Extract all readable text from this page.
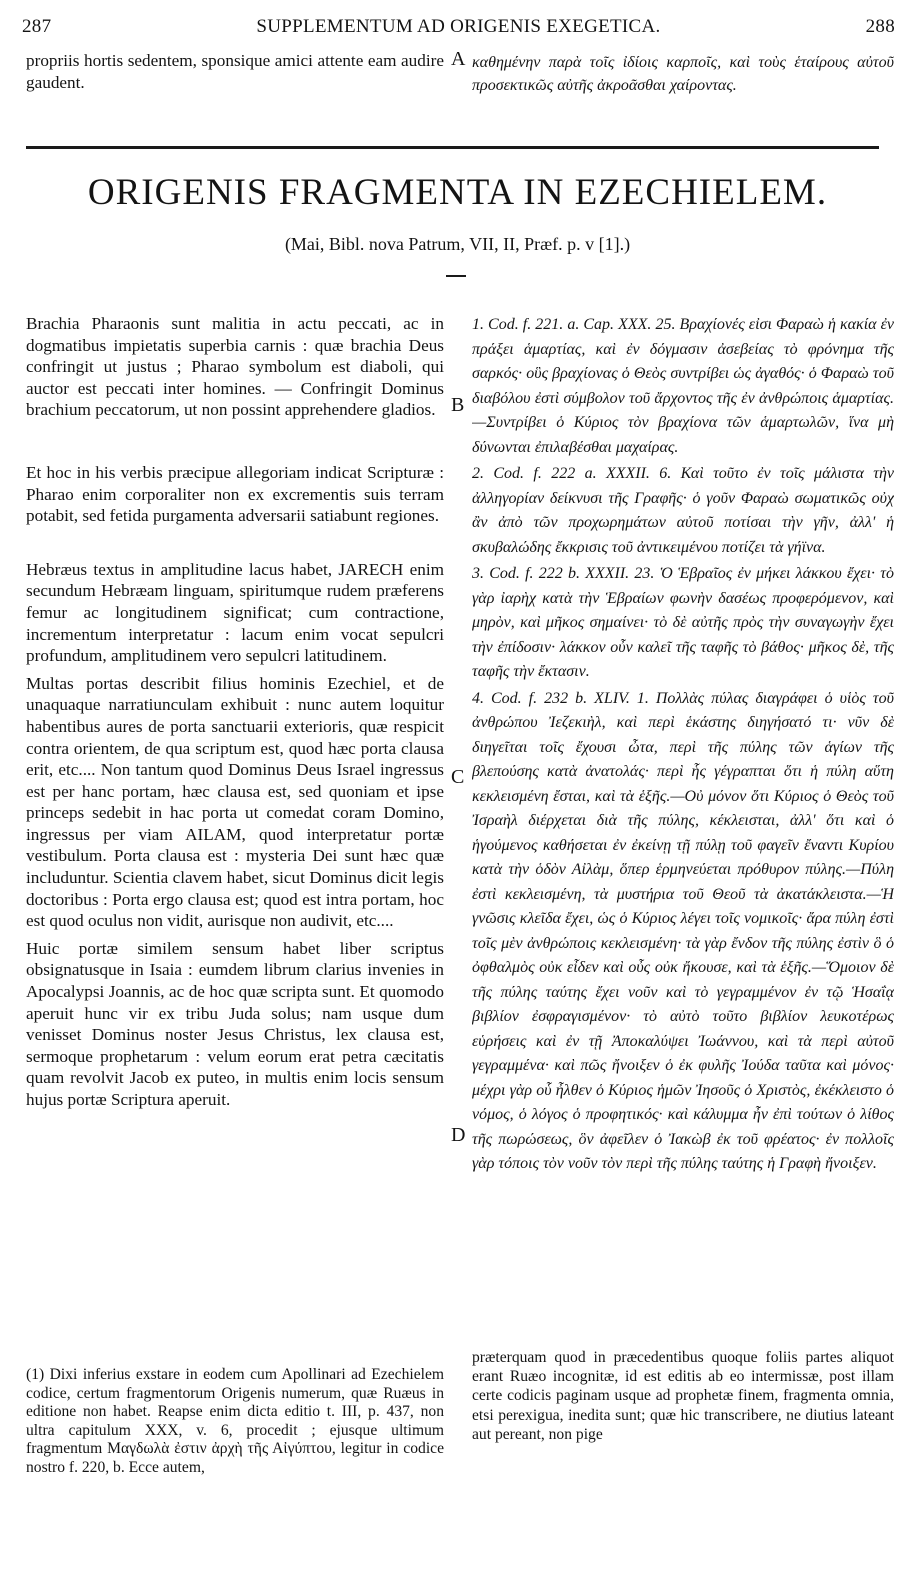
287	SUPPLEMENTUM AD ORIGENIS EXEGETICA.	288

propriis hortis sedentem, sponsique amici attente eam audire gaudent.

καθημένην παρὰ τοῖς ἰδίοις καρποῖς, καὶ τοὺς ἑταίρους αὐτοῦ προσεκτικῶς αὐτῆς ἀκροᾶσθαι χαίροντας.

ORIGENIS FRAGMENTA IN EZECHIELEM.
(Mai, Bibl. nova Patrum, VII, II, Præf. p. v [1].)
A
B
C
D

Brachia Pharaonis sunt malitia in actu peccati, ac in dogmatibus impietatis superbia carnis : quæ brachia Deus confringit ut justus ; Pharao symbolum est diaboli, qui auctor est peccati inter homines. — Confringit Dominus brachium peccatorum, ut non possint apprehendere gladios.

Et hoc in his verbis præcipue allegoriam indicat Scripturæ : Pharao enim corporaliter non ex excrementis suis terram potabit, sed fetida purgamenta adversarii satiabunt regiones.

Hebræus textus in amplitudine lacus habet, JARECH enim secundum Hebræam linguam, spiritumque rudem præferens femur ac longitudinem significat; cum contractione, incrementum interpretatur : lacum enim vocat sepulcri profundum, amplitudinem vero sepulcri latitudinem.

Multas portas describit filius hominis Ezechiel, et de unaquaque narratiunculam exhibuit : nunc autem loquitur habentibus aures de porta sanctuarii exterioris, quæ respicit contra orientem, de qua scriptum est, quod hæc porta clausa erit, etc.... Non tantum quod Dominus Deus Israel ingressus est per hanc portam, hæc clausa est, sed quoniam et ipse princeps sedebit in hac porta ut comedat coram Domino, ingressus per viam AILAM, quod interpretatur portæ vestibulum. Porta clausa est : mysteria Dei sunt hæc quæ includuntur. Scientia clavem habet, sicut Dominus dicit legis doctoribus : Porta ergo clausa est; quod est intra portam, hoc est quod oculus non vidit, aurisque non audivit, etc....

Huic portæ similem sensum habet liber scriptus obsignatusque in Isaia : eumdem librum clarius invenies in Apocalypsi Joannis, ac de hoc quæ scripta sunt. Et quomodo aperuit hunc vir ex tribu Juda solus; nam usque dum venisset Dominus noster Jesus Christus, lex clausa est, sermoque prophetarum : velum eorum erat petra cæcitatis quam revolvit Jacob ex puteo, in multis enim locis sensum hujus portæ Scriptura aperuit.

(1) Dixi inferius exstare in eodem cum Apollinari ad Ezechielem codice, certum fragmentorum Origenis numerum, quæ Ruæus in editione non habet. Reapse enim dicta editio t. III, p. 437, non ultra capitulum XXX, v. 6, procedit ; ejusque ultimum fragmentum Μαγδωλὰ ἐστιν ἀρχὴ τῆς Αἰγύπτου, legitur in codice nostro f. 220, b. Ecce autem,

1. Cod. f. 221. a. Cap. XXX. 25. Βραχίονές εἰσι Φαραὼ ἡ κακία ἐν πράξει ἁμαρτίας, καὶ ἐν δόγμασιν ἀσεβείας τὸ φρόνημα τῆς σαρκός· οὓς βραχίονας ὁ Θεὸς συντρίβει ὡς ἀγαθός· ὁ Φαραὼ τοῦ διαβόλου ἐστὶ σύμβολον τοῦ ἄρχοντος τῆς ἐν ἀνθρώποις ἁμαρτίας.—Συντρίβει ὁ Κύριος τὸν βραχίονα τῶν ἁμαρτωλῶν, ἵνα μὴ δύνωνται ἐπιλαβέσθαι μαχαίρας.

2. Cod. f. 222 a. XXXII. 6. Καὶ τοῦτο ἐν τοῖς μάλιστα τὴν ἀλληγορίαν δείκνυσι τῆς Γραφῆς· ὁ γοῦν Φαραὼ σωματικῶς οὐχ ἂν ἀπὸ τῶν προχωρημάτων αὐτοῦ ποτίσαι τὴν γῆν, ἀλλ' ἡ σκυβαλώδης ἔκκρισις τοῦ ἀντικειμένου ποτίζει τὰ γήϊνα.

3. Cod. f. 222 b. XXXII. 23. Ὁ Ἑβραῖος ἐν μήκει λάκκου ἔχει· τὸ γὰρ ἰαρὴχ κατὰ τὴν Ἑβραίων φωνὴν δασέως προφερόμενον, καὶ μηρὸν, καὶ μῆκος σημαίνει· τὸ δὲ αὐτῆς πρὸς τὴν συναγωγὴν ἔχει τὴν ἐπίδοσιν· λάκκον οὖν καλεῖ τῆς ταφῆς τὸ βάθος· μῆκος δὲ, τῆς ταφῆς τὴν ἔκτασιν.

4. Cod. f. 232 b. XLIV. 1. Πολλὰς πύλας διαγράφει ὁ υἱὸς τοῦ ἀνθρώπου Ἰεζεκιὴλ, καὶ περὶ ἑκάστης διηγήσατό τι· νῦν δὲ διηγεῖται τοῖς ἔχουσι ὦτα, περὶ τῆς πύλης τῶν ἁγίων τῆς βλεπούσης κατὰ ἀνατολάς· περὶ ἧς γέγραπται ὅτι ἡ πύλη αὕτη κεκλεισμένη ἔσται, καὶ τὰ ἑξῆς.—Οὐ μόνον ὅτι Κύριος ὁ Θεὸς τοῦ Ἰσραὴλ διέρχεται διὰ τῆς πύλης, κέκλεισται, ἀλλ' ὅτι καὶ ὁ ἡγούμενος καθήσεται ἐν ἐκείνῃ τῇ πύλῃ τοῦ φαγεῖν ἔναντι Κυρίου κατὰ τὴν ὁδὸν Αἰλὰμ, ὅπερ ἑρμηνεύεται πρόθυρον πύλης.—Πύλη ἐστὶ κεκλεισμένη, τὰ μυστήρια τοῦ Θεοῦ τὰ ἀκατάκλειστα.—Ἡ γνῶσις κλεῖδα ἔχει, ὡς ὁ Κύριος λέγει τοῖς νομικοῖς· ἄρα πύλη ἐστὶ τοῖς μὲν ἀνθρώποις κεκλεισμένη· τὰ γὰρ ἔνδον τῆς πύλης ἐστὶν ὃ ὁ ὀφθαλμὸς οὐκ εἶδεν καὶ οὖς οὐκ ἤκουσε, καὶ τὰ ἑξῆς.—Ὅμοιον δὲ τῆς πύλης ταύτης ἔχει νοῦν καὶ τὸ γεγραμμένον ἐν τῷ Ἡσαΐᾳ βιβλίον ἐσφραγισμένον· τὸ αὐτὸ τοῦτο βιβλίον λευκοτέρως εὑρήσεις καὶ ἐν τῇ Ἀποκαλύψει Ἰωάννου, καὶ τὰ περὶ αὐτοῦ γεγραμμένα· καὶ πῶς ἤνοιξεν ὁ ἐκ φυλῆς Ἰούδα ταῦτα καὶ μόνος· μέχρι γὰρ οὗ ἦλθεν ὁ Κύριος ἡμῶν Ἰησοῦς ὁ Χριστὸς, ἐκέκλειστο ὁ νόμος, ὁ λόγος ὁ προφητικός· καὶ κάλυμμα ἦν ἐπὶ τούτων ὁ λίθος τῆς πωρώσεως, ὃν ἀφεῖλεν ὁ Ἰακὼβ ἐκ τοῦ φρέατος· ἐν πολλοῖς γὰρ τόποις τὸν νοῦν τὸν περὶ τῆς πύλης ταύτης ἡ Γραφὴ ἤνοιξεν.

præterquam quod in præcedentibus quoque foliis partes aliquot erant Ruæo incognitæ, id est editis ab eo intermissæ, post illam certe codicis paginam usque ad prophetæ finem, fragmenta omnia, etsi perexigua, inedita sunt; quæ hic transcribere, ne diutius lateant aut pereant, non pige
